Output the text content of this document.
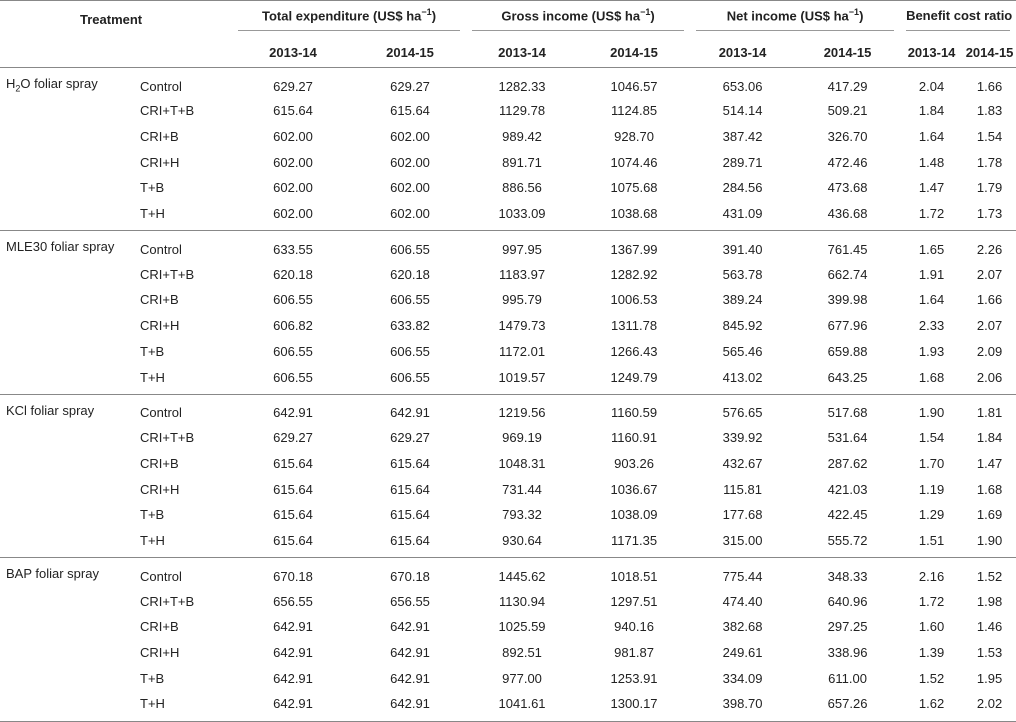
Treatment		Total expenditure (US$ $ha^{-1}$)		Gross income (US$ $ha^{-1}$)		Net income (US$ $ha^{-1}$)		Benefit cost ratio	

		2013-14	2014-15	2013-14	2014-15	2013-14	2014-15	2013-14	2014-15
$H_2O$ foliar spray	Control	629.27	629.27	1282.33	1046.57	653.06	417.29	2.04	1.66
	CRI+T+B	615.64	615.64	1129.78	1124.85	514.14	509.21	1.84	1.83
	CRI+B	602.00	602.00	989.42	928.70	387.42	326.70	1.64	1.54
	CRI+H	602.00	602.00	891.71	1074.46	289.71	472.46	1.48	1.78
	T+B	602.00	602.00	886.56	1075.68	284.56	473.68	1.47	1.79
	T+H	602.00	602.00	1033.09	1038.68	431.09	436.68	1.72	1.73
MLE30 foliar spray	Control	633.55	606.55	997.95	1367.99	391.40	761.45	1.65	2.26
	CRI+T+B	620.18	620.18	1183.97	1282.92	563.78	662.74	1.91	2.07
	CRI+B	606.55	606.55	995.79	1006.53	389.24	399.98	1.64	1.66
	CRI+H	606.82	633.82	1479.73	1311.78	845.92	677.96	2.33	2.07
	T+B	606.55	606.55	1172.01	1266.43	565.46	659.88	1.93	2.09
	T+H	606.55	606.55	1019.57	1249.79	413.02	643.25	1.68	2.06
KCl foliar spray	Control	642.91	642.91	1219.56	1160.59	576.65	517.68	1.90	1.81
	CRI+T+B	629.27	629.27	969.19	1160.91	339.92	531.64	1.54	1.84
	CRI+B	615.64	615.64	1048.31	903.26	432.67	287.62	1.70	1.47
	CRI+H	615.64	615.64	731.44	1036.67	115.81	421.03	1.19	1.68
	T+B	615.64	615.64	793.32	1038.09	177.68	422.45	1.29	1.69
	T+H	615.64	615.64	930.64	1171.35	315.00	555.72	1.51	1.90
BAP foliar spray	Control	670.18	670.18	1445.62	1018.51	775.44	348.33	2.16	1.52
	CRI+T+B	656.55	656.55	1130.94	1297.51	474.40	640.96	1.72	1.98
	CRI+B	642.91	642.91	1025.59	940.16	382.68	297.25	1.60	1.46
	CRI+H	642.91	642.91	892.51	981.87	249.61	338.96	1.39	1.53
	T+B	642.91	642.91	977.00	1253.91	334.09	611.00	1.52	1.95
	T+H	642.91	642.91	1041.61	1300.17	398.70	657.26	1.62	2.02
